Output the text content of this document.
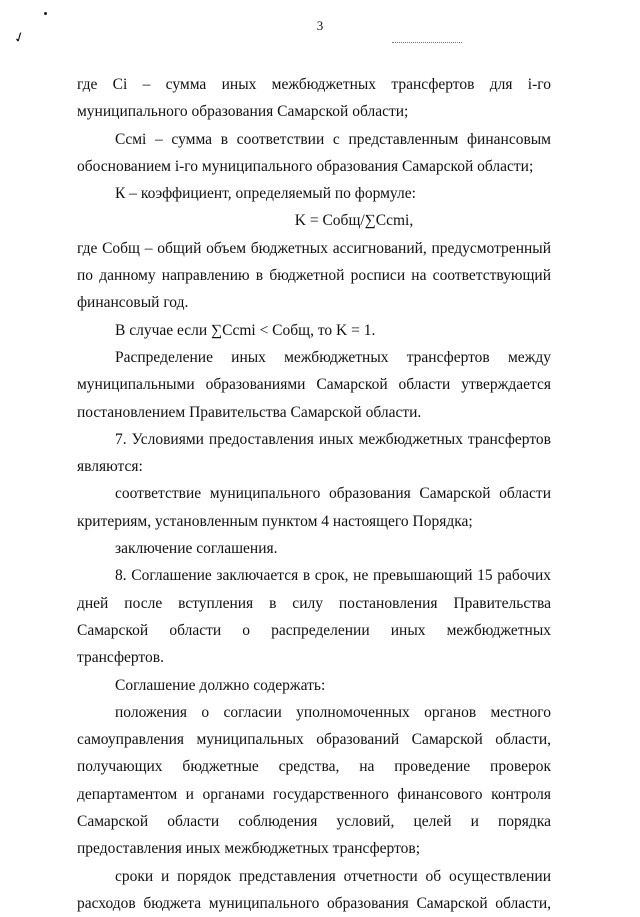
✓
3

где Ci – сумма иных межбюджетных трансфертов для i-го муниципального образования Самарской области;

Cсмi – сумма в соответствии с представленным финансовым обоснованием i-го муниципального образования Самарской области;

К – коэффициент, определяемый по формуле:

K = Cобщ/∑Cсmi,

где Cобщ – общий объем бюджетных ассигнований, предусмотренный по данному направлению в бюджетной росписи на соответствующий финансовый год.

В случае если ∑Cсmi < Cобщ, то K = 1.

Распределение иных межбюджетных трансфертов между муниципальными образованиями Самарской области утверждается постановлением Правительства Самарской области.

7. Условиями предоставления иных межбюджетных трансфертов являются:

соответствие муниципального образования Самарской области критериям, установленным пунктом 4 настоящего Порядка;

заключение соглашения.

8. Соглашение заключается в срок, не превышающий 15 рабочих дней после вступления в силу постановления Правительства Самарской области о распределении иных межбюджетных трансфертов.

Соглашение должно содержать:

положения о согласии уполномоченных органов местного самоуправления муниципальных образований Самарской области, получающих бюджетные средства, на проведение проверок департаментом и органами государственного финансового контроля Самарской области соблюдения условий, целей и порядка предоставления иных межбюджетных трансфертов;

сроки и порядок представления отчетности об осуществлении расходов бюджета муниципального образования Самарской области,
